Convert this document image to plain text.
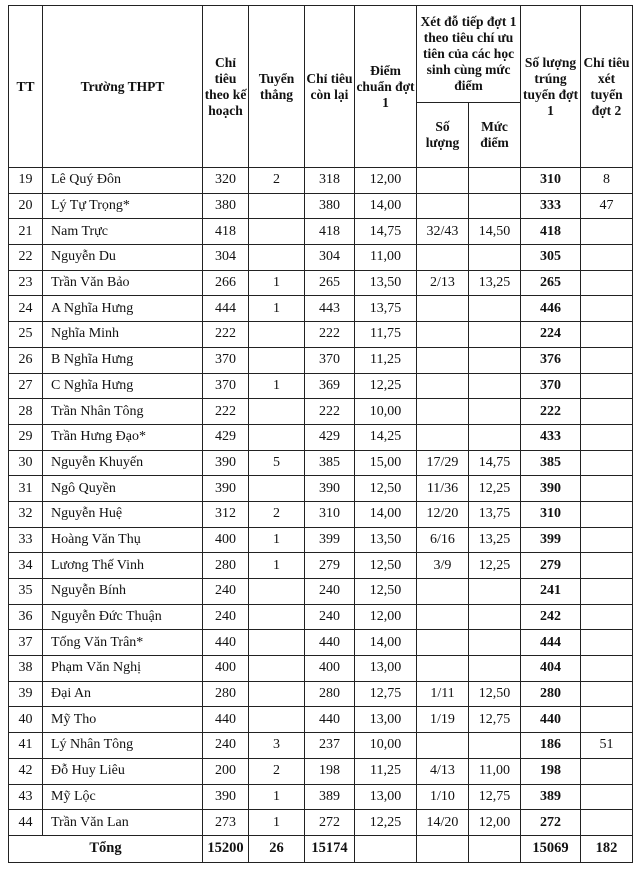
TT	Trường THPT	Chỉ tiêu theo kế hoạch	Tuyển thẳng	Chỉ tiêu còn lại	Điểm chuẩn đợt 1	Xét đỗ tiếp đợt 1 theo tiêu chí ưu tiên của các học sinh cùng mức điểm		Số lượng trúng tuyển đợt 1	Chỉ tiêu xét tuyển đợt 2
						Số lượng	Mức điểm		
19	Lê Quý Đôn	320	2	318	12,00			310	8
20	Lý Tự Trọng*	380		380	14,00			333	47
21	Nam Trực	418		418	14,75	32/43	14,50	418	
22	Nguyễn Du	304		304	11,00			305	
23	Trần Văn Bảo	266	1	265	13,50	2/13	13,25	265	
24	A Nghĩa Hưng	444	1	443	13,75			446	
25	Nghĩa Minh	222		222	11,75			224	
26	B Nghĩa Hưng	370		370	11,25			376	
27	C Nghĩa Hưng	370	1	369	12,25			370	
28	Trần Nhân Tông	222		222	10,00			222	
29	Trần Hưng Đạo*	429		429	14,25			433	
30	Nguyễn Khuyến	390	5	385	15,00	17/29	14,75	385	
31	Ngô Quyền	390		390	12,50	11/36	12,25	390	
32	Nguyễn Huệ	312	2	310	14,00	12/20	13,75	310	
33	Hoàng Văn Thụ	400	1	399	13,50	6/16	13,25	399	
34	Lương Thế Vinh	280	1	279	12,50	3/9	12,25	279	
35	Nguyễn Bính	240		240	12,50			241	
36	Nguyễn Đức Thuận	240		240	12,00			242	
37	Tống Văn Trân*	440		440	14,00			444	
38	Phạm Văn Nghị	400		400	13,00			404	
39	Đại An	280		280	12,75	1/11	12,50	280	
40	Mỹ Tho	440		440	13,00	1/19	12,75	440	
41	Lý Nhân Tông	240	3	237	10,00			186	51
42	Đỗ Huy Liêu	200	2	198	11,25	4/13	11,00	198	
43	Mỹ Lộc	390	1	389	13,00	1/10	12,75	389	
44	Trần Văn Lan	273	1	272	12,25	14/20	12,00	272	
Tổng		15200	26	15174				15069	182
